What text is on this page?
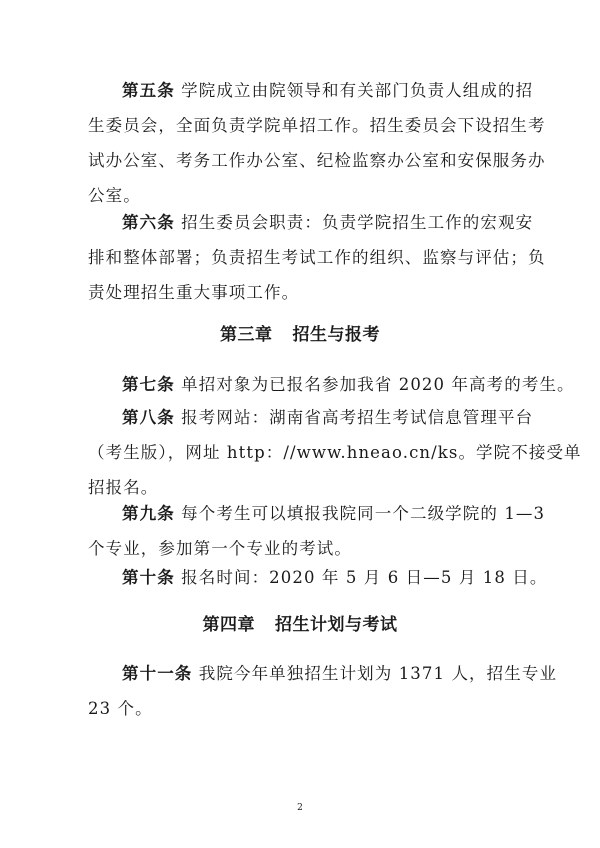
第五条 学院成立由院领导和有关部门负责人组成的招
生委员会，全面负责学院单招工作。招生委员会下设招生考
试办公室、考务工作办公室、纪检监察办公室和安保服务办
公室。

第六条 招生委员会职责：负责学院招生工作的宏观安
排和整体部署；负责招生考试工作的组织、监察与评估；负
责处理招生重大事项工作。

第三章 招生与报考

第七条 单招对象为已报名参加我省 2020 年高考的考生。

第八条 报考网站：湖南省高考招生考试信息管理平台
（考生版），网址 http：//www.hneao.cn/ks。学院不接受单
招报名。

第九条 每个考生可以填报我院同一个二级学院的 1—3
个专业，参加第一个专业的考试。

第十条 报名时间：2020 年 5 月 6 日—5 月 18 日。

第四章 招生计划与考试

第十一条 我院今年单独招生计划为 1371 人，招生专业
23 个。

2
